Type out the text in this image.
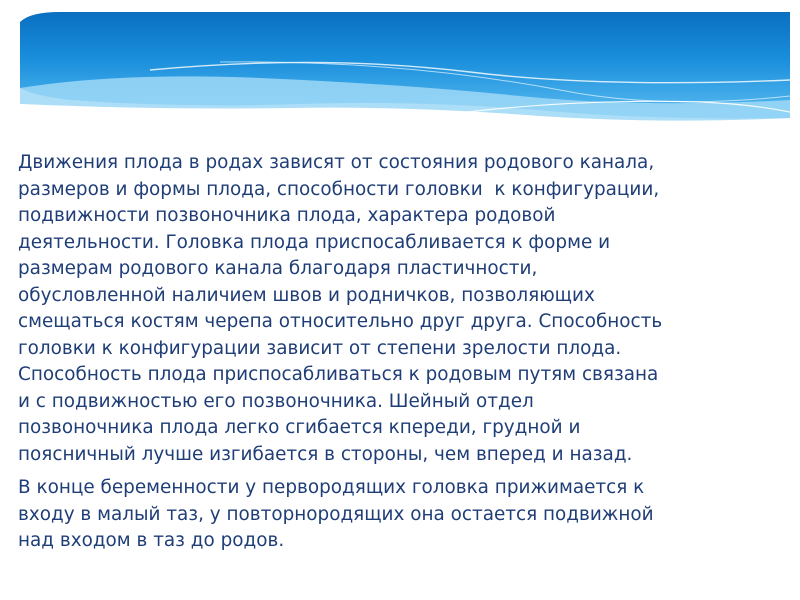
Движения плода в родах зависят от состояния родового канала,
размеров и формы плода, способности головки  к конфигурации,
подвижности позвоночника плода, характера родовой
деятельности. Головка плода приспосабливается к форме и
размерам родового канала благодаря пластичности,
обусловленной наличием швов и родничков, позволяющих
смещаться костям черепа относительно друг друга. Способность
головки к конфигурации зависит от степени зрелости плода.
Способность плода приспосабливаться к родовым путям связана
и с подвижностью его позвоночника. Шейный отдел
позвоночника плода легко сгибается кпереди, грудной и
поясничный лучше изгибается в стороны, чем вперед и назад.

В конце беременности у первородящих головка прижимается к
входу в малый таз, у повторнородящих она остается подвижной
над входом в таз до родов.
